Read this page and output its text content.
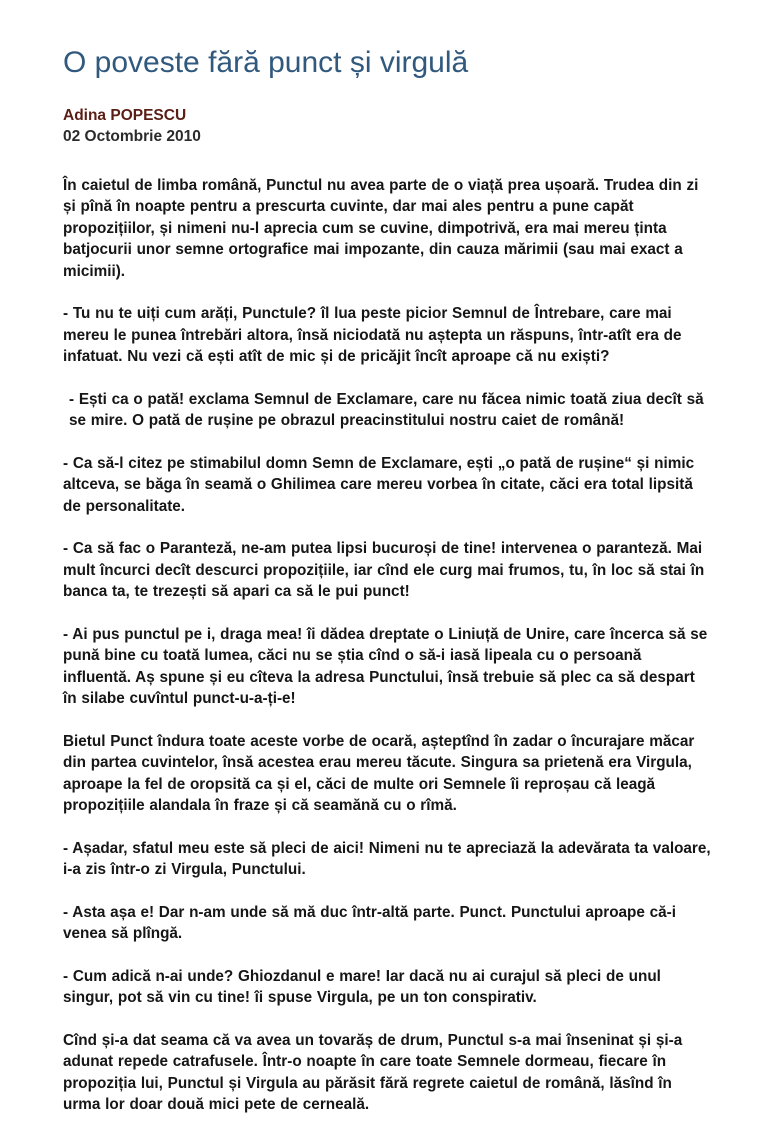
O poveste fără punct și virgulă

Adina POPESCU

02 Octombrie 2010

În caietul de limba română, Punctul nu avea parte de o viață prea ușoară. Trudea din zi și pînă în noapte pentru a prescurta cuvinte, dar mai ales pentru a pune capăt propozițiilor, și nimeni nu-l aprecia cum se cuvine, dimpotrivă, era mai mereu ținta batjocurii unor semne ortografice mai impozante, din cauza mărimii (sau mai exact a micimii).

- Tu nu te uiți cum arăți, Punctule? îl lua peste picior Semnul de Întrebare, care mai mereu le punea întrebări altora, însă niciodată nu aștepta un răspuns, într-atît era de infatuat. Nu vezi că ești atît de mic și de pricăjit încît aproape că nu exiști?

- Ești ca o pată! exclama Semnul de Exclamare, care nu făcea nimic toată ziua decît să se mire. O pată de rușine pe obrazul preacinstitului nostru caiet de română!

- Ca să-l citez pe stimabilul domn Semn de Exclamare, ești „o pată de rușine“ și nimic altceva, se băga în seamă o Ghilimea care mereu vorbea în citate, căci era total lipsită de personalitate.

- Ca să fac o Paranteză, ne-am putea lipsi bucuroși de tine! intervenea o paranteză. Mai mult încurci decît descurci propozițiile, iar cînd ele curg mai frumos, tu, în loc să stai în banca ta, te trezești să apari ca să le pui punct!

- Ai pus punctul pe i, draga mea! îi dădea dreptate o Liniuță de Unire, care încerca să se pună bine cu toată lumea, căci nu se știa cînd o să-i iasă lipeala cu o persoană influentă. Aș spune și eu cîteva la adresa Punctului, însă trebuie să plec ca să despart în silabe cuvîntul punct-u-a-ți-e!

Bietul Punct îndura toate aceste vorbe de ocară, așteptînd în zadar o încurajare măcar din partea cuvintelor, însă acestea erau mereu tăcute. Singura sa prietenă era Virgula, aproape la fel de oropsită ca și el, căci de multe ori Semnele îi reproșau că leagă propozițiile alandala în fraze și că seamănă cu o rîmă.

- Așadar, sfatul meu este să pleci de aici! Nimeni nu te apreciază la adevărata ta valoare, i-a zis într-o zi Virgula, Punctului.

- Asta așa e! Dar n-am unde să mă duc într-altă parte. Punct. Punctului aproape că-i venea să plîngă.

- Cum adică n-ai unde? Ghiozdanul e mare! Iar dacă nu ai curajul să pleci de unul singur, pot să vin cu tine! îi spuse Virgula, pe un ton conspirativ.

Cînd și-a dat seama că va avea un tovarăș de drum, Punctul s-a mai înseninat și și-a adunat repede catrafusele. Într-o noapte în care toate Semnele dormeau, fiecare în propoziția lui, Punctul și Virgula au părăsit fără regrete caietul de română, lăsînd în urma lor doar două mici pete de cerneală.
